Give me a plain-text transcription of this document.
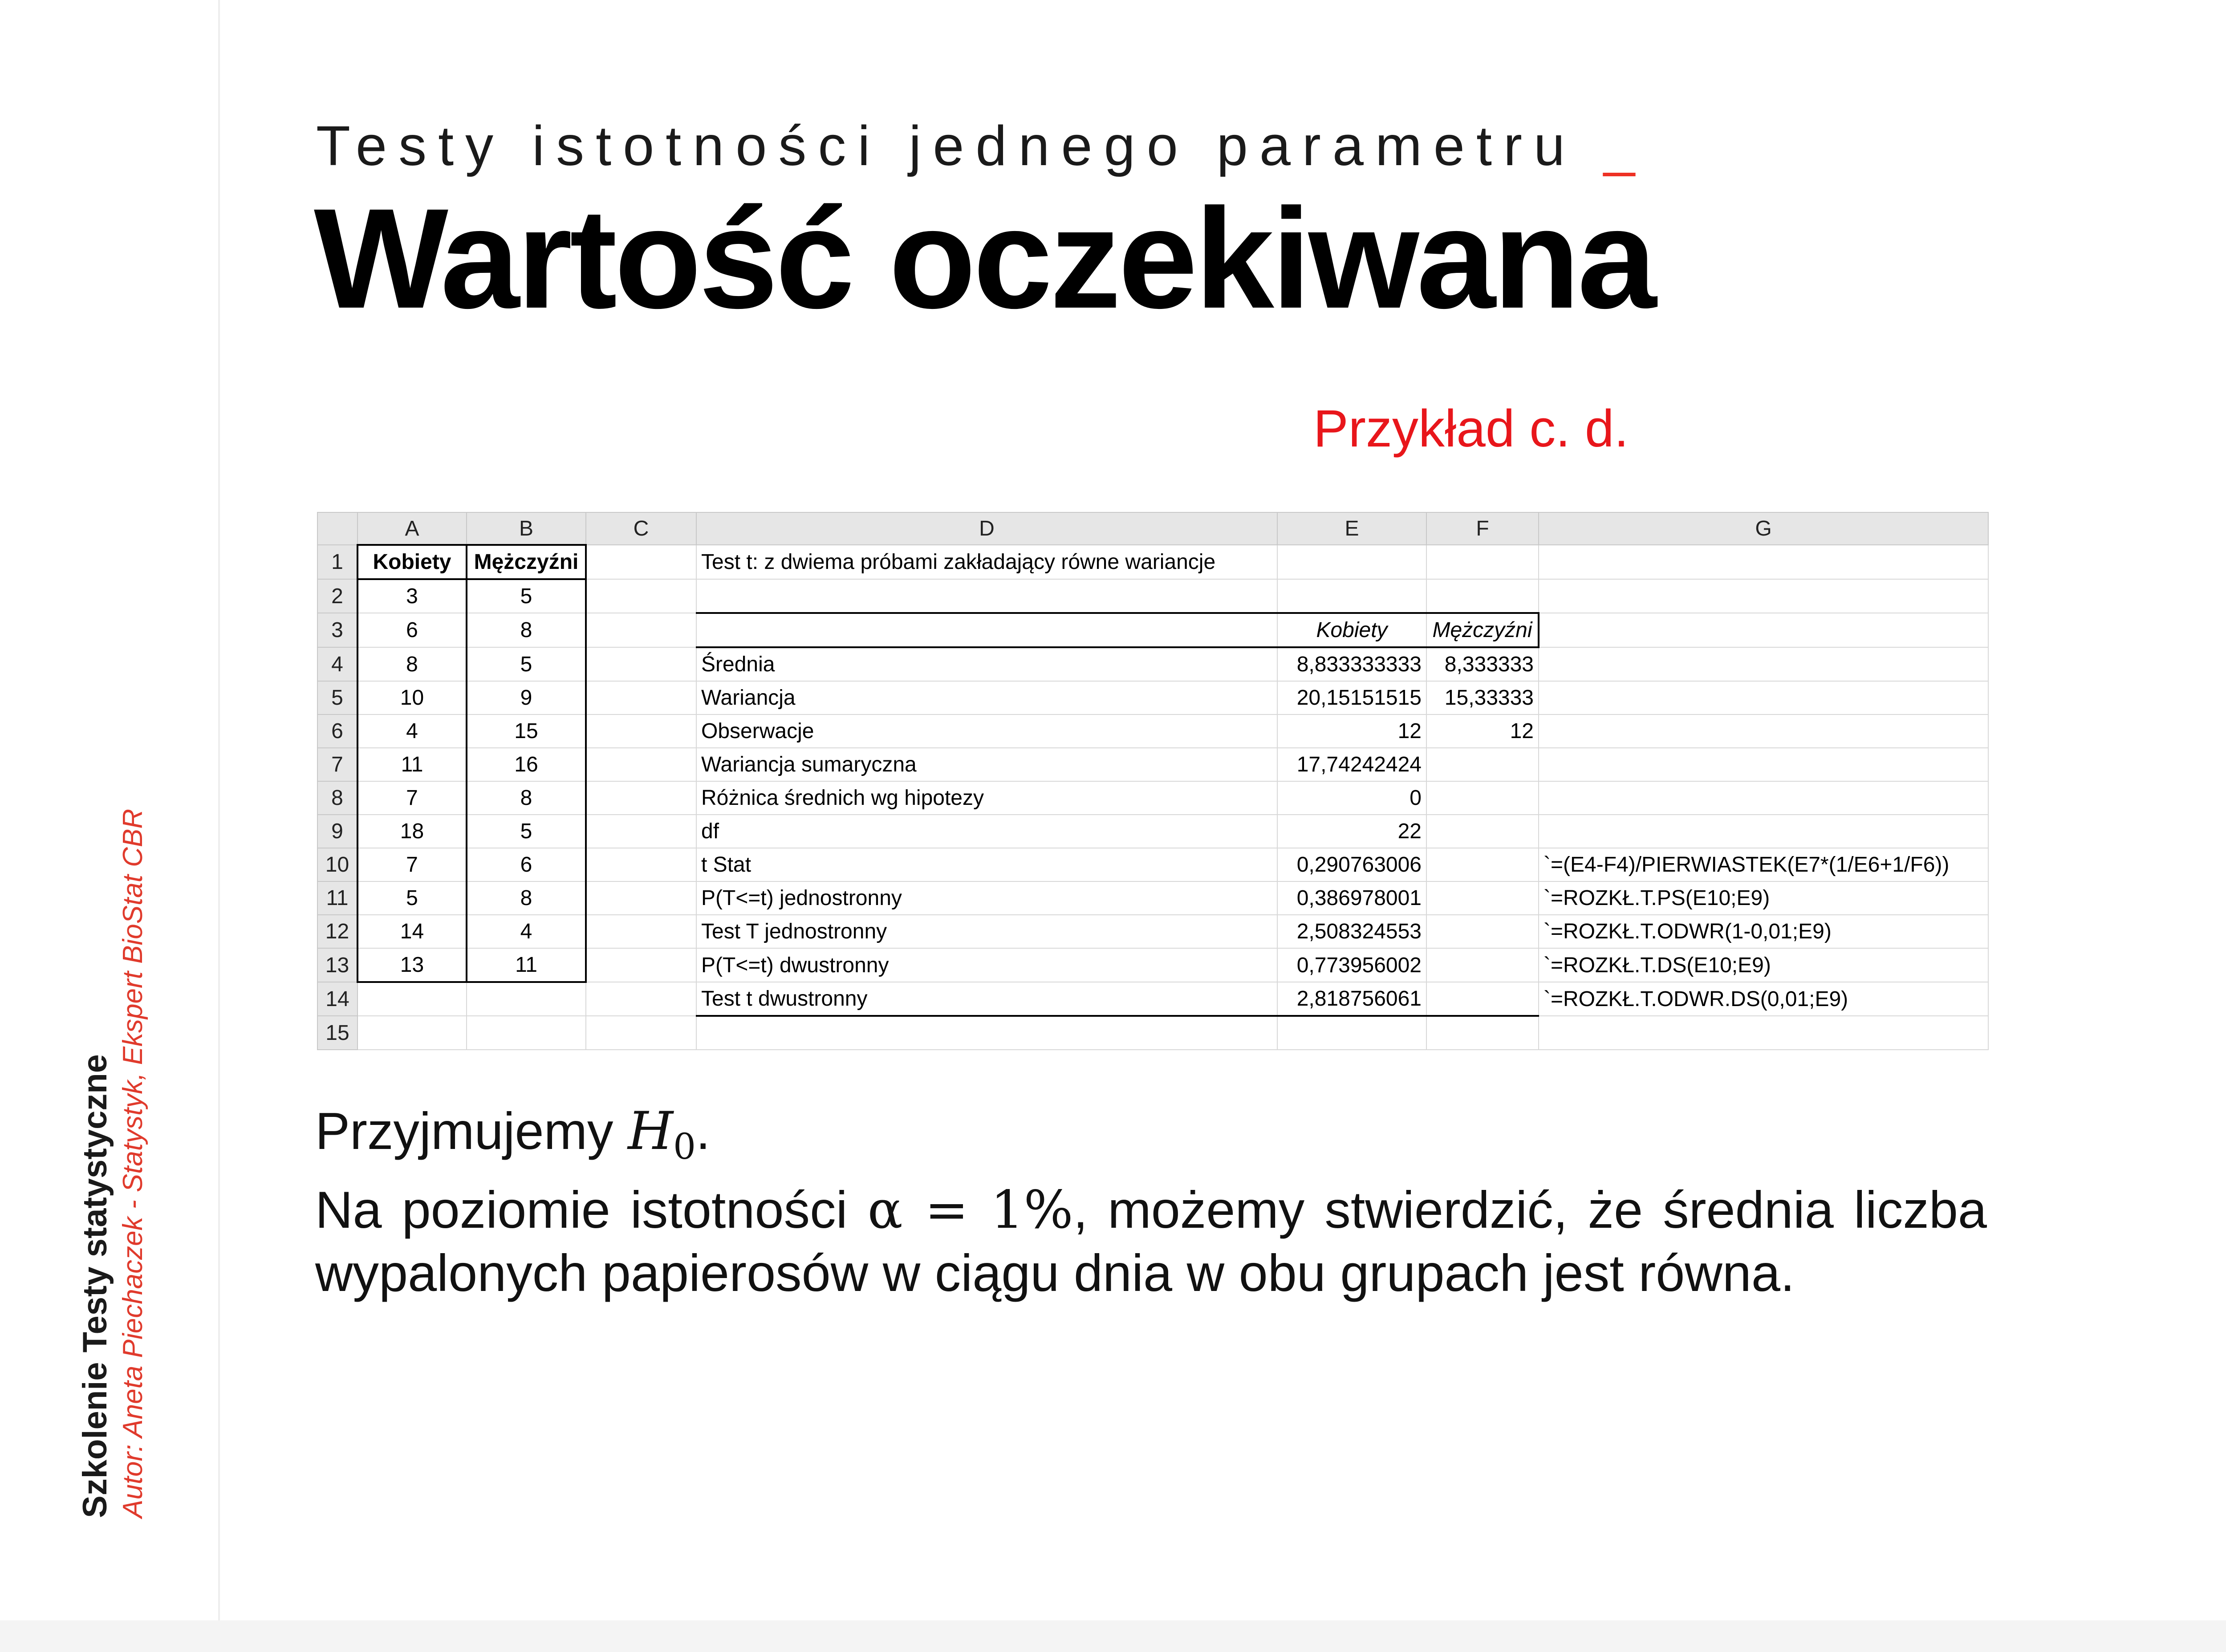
Szkolenie Testy statystyczne Autor: Aneta Piechaczek - Statystyk, Ekspert BioStat CBR
Testy istotności jednego parametru _
Wartość oczekiwana
Przykład c. d.
	A	B	C	D	E	F	G
1	Kobiety	Mężczyźni		Test t: z dwiema próbami zakładający równe wariancje			
2	3	5					
3	6	8			Kobiety	Mężczyźni	
4	8	5		Średnia	8,833333333	8,333333	
5	10	9		Wariancja	20,15151515	15,33333	
6	4	15		Obserwacje	12	12	
7	11	16		Wariancja sumaryczna	17,74242424		
8	7	8		Różnica średnich wg hipotezy	0		
9	18	5		df	22		
10	7	6		t Stat	0,290763006		`=(E4-F4)/PIERWIASTEK(E7*(1/E6+1/F6))
11	5	8		P(T<=t) jednostronny	0,386978001		`=ROZKŁ.T.PS(E10;E9)
12	14	4		Test T jednostronny	2,508324553		`=ROZKŁ.T.ODWR(1-0,01;E9)
13	13	11		P(T<=t) dwustronny	0,773956002		`=ROZKŁ.T.DS(E10;E9)
14				Test t dwustronny	2,818756061		`=ROZKŁ.T.ODWR.DS(0,01;E9)
15							

Przyjmujemy $H_0$.

Na poziomie istotności α = 1%, możemy stwierdzić, że średnia liczba

wypalonych papierosów w ciągu dnia w obu grupach jest równa.
